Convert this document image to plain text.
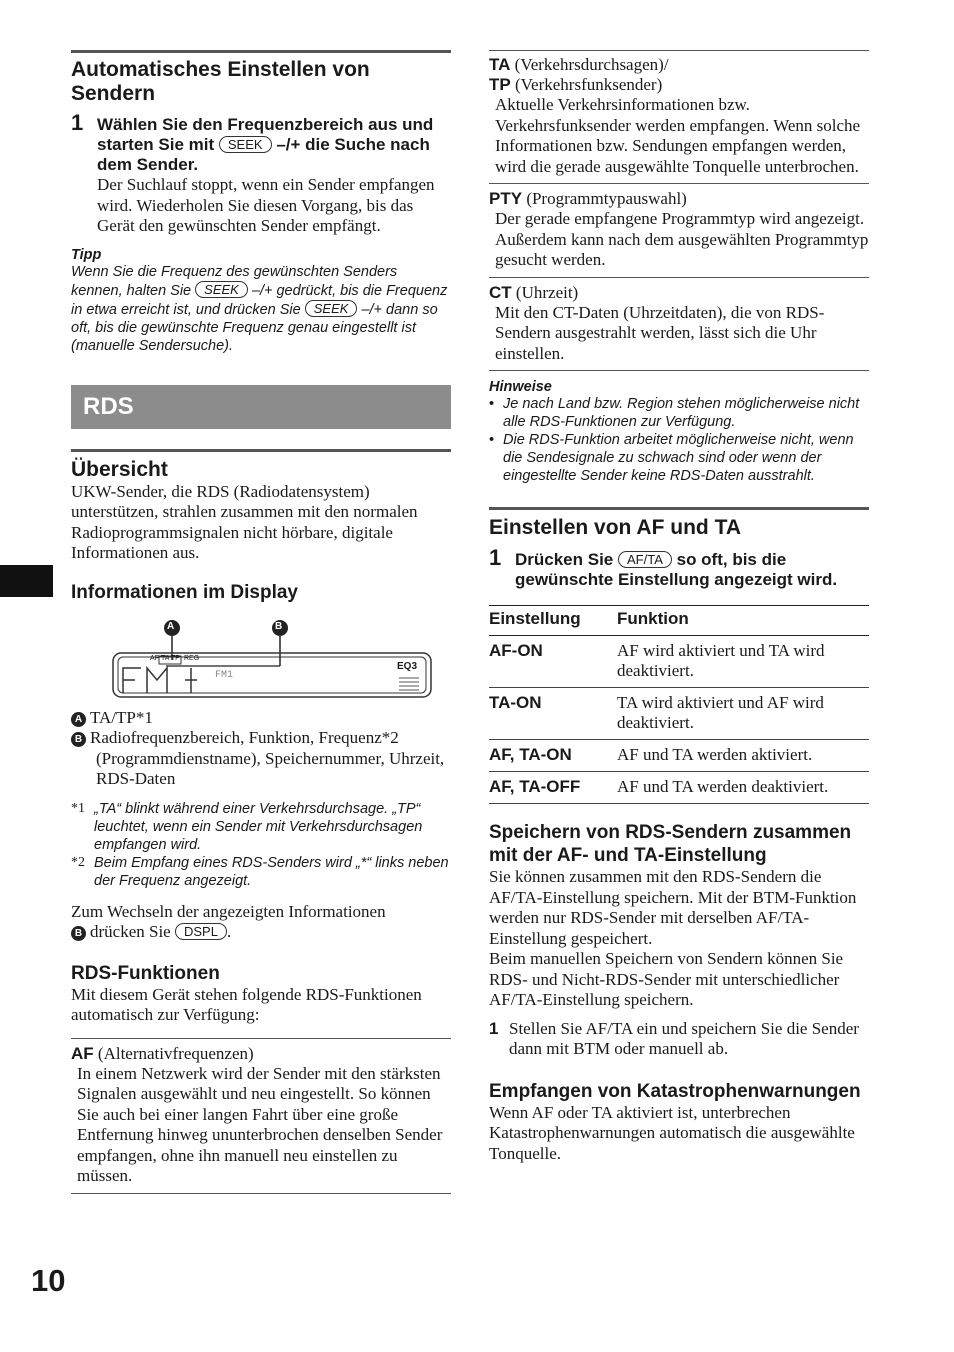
10
Automatisches Einstellen von Sendern
1 Wählen Sie den Frequenzbereich aus und starten Sie mit SEEK –/+ die Suche nach dem Sender.

Der Suchlauf stoppt, wenn ein Sender empfangen wird. Wiederholen Sie diesen Vorgang, bis das Gerät den gewünschten Sender empfängt.

Tipp
Wenn Sie die Frequenz des gewünschten Senders kennen, halten Sie SEEK –/+ gedrückt, bis die Frequenz in etwa erreicht ist, und drücken Sie SEEK –/+ dann so oft, bis die gewünschte Frequenz genau eingestellt ist (manuelle Sendersuche).
RDS
Übersicht

UKW-Sender, die RDS (Radiodatensystem) unterstützen, strahlen zusammen mit den normalen Radioprogrammsignalen nicht hörbare, digitale Informationen aus.

Informationen im Display
A	B
AF TA TP REG
FM1
EQ3

A TA/TP*1

B Radiofrequenzbereich, Funktion, Frequenz*2 (Programmdienstname), Speichernummer, Uhrzeit, RDS-Daten

*1 „TA“ blinkt während einer Verkehrsdurchsage. „TP“ leuchtet, wenn ein Sender mit Verkehrsdurchsagen empfangen wird.
*2 Beim Empfang eines RDS-Senders wird „*“ links neben der Frequenz angezeigt.

Zum Wechseln der angezeigten Informationen
B drücken Sie DSPL .

RDS-Funktionen

Mit diesem Gerät stehen folgende RDS-Funktionen automatisch zur Verfügung:

AF (Alternativfrequenzen)

In einem Netzwerk wird der Sender mit den stärksten Signalen ausgewählt und neu eingestellt. So können Sie auch bei einer langen Fahrt über eine große Entfernung hinweg ununterbrochen denselben Sender empfangen, ohne ihn manuell neu einstellen zu müssen.

TA (Verkehrsdurchsagen)/
TP (Verkehrsfunksender)

Aktuelle Verkehrsinformationen bzw. Verkehrsfunksender werden empfangen. Wenn solche Informationen bzw. Sendungen empfangen werden, wird die gerade ausgewählte Tonquelle unterbrochen.

PTY (Programmtypauswahl)

Der gerade empfangene Programmtyp wird angezeigt. Außerdem kann nach dem ausgewählten Programmtyp gesucht werden.

CT (Uhrzeit)

Mit den CT-Daten (Uhrzeitdaten), die von RDS-Sendern ausgestrahlt werden, lässt sich die Uhr einstellen.

Hinweise
• Je nach Land bzw. Region stehen möglicherweise nicht alle RDS-Funktionen zur Verfügung.
• Die RDS-Funktion arbeitet möglicherweise nicht, wenn die Sendesignale zu schwach sind oder wenn der eingestellte Sender keine RDS-Daten ausstrahlt.
Einstellen von AF und TA
1 Drücken Sie AF/TA so oft, bis die gewünschte Einstellung angezeigt wird.
Einstellung	Funktion
AF-ON	AF wird aktiviert und TA wird deaktiviert.
TA-ON	TA wird aktiviert und AF wird deaktiviert.
AF, TA-ON	AF und TA werden aktiviert.
AF, TA-OFF	AF und TA werden deaktiviert.
Speichern von RDS-Sendern zusammen mit der AF- und TA-Einstellung

Sie können zusammen mit den RDS-Sendern die AF/TA-Einstellung speichern. Mit der BTM-Funktion werden nur RDS-Sender mit derselben AF/TA-Einstellung gespeichert.

Beim manuellen Speichern von Sendern können Sie RDS- und Nicht-RDS-Sender mit unterschiedlicher AF/TA-Einstellung speichern.

1 Stellen Sie AF/TA ein und speichern Sie die Sender dann mit BTM oder manuell ab.

Empfangen von Katastrophenwarnungen

Wenn AF oder TA aktiviert ist, unterbrechen Katastrophenwarnungen automatisch die ausgewählte Tonquelle.
